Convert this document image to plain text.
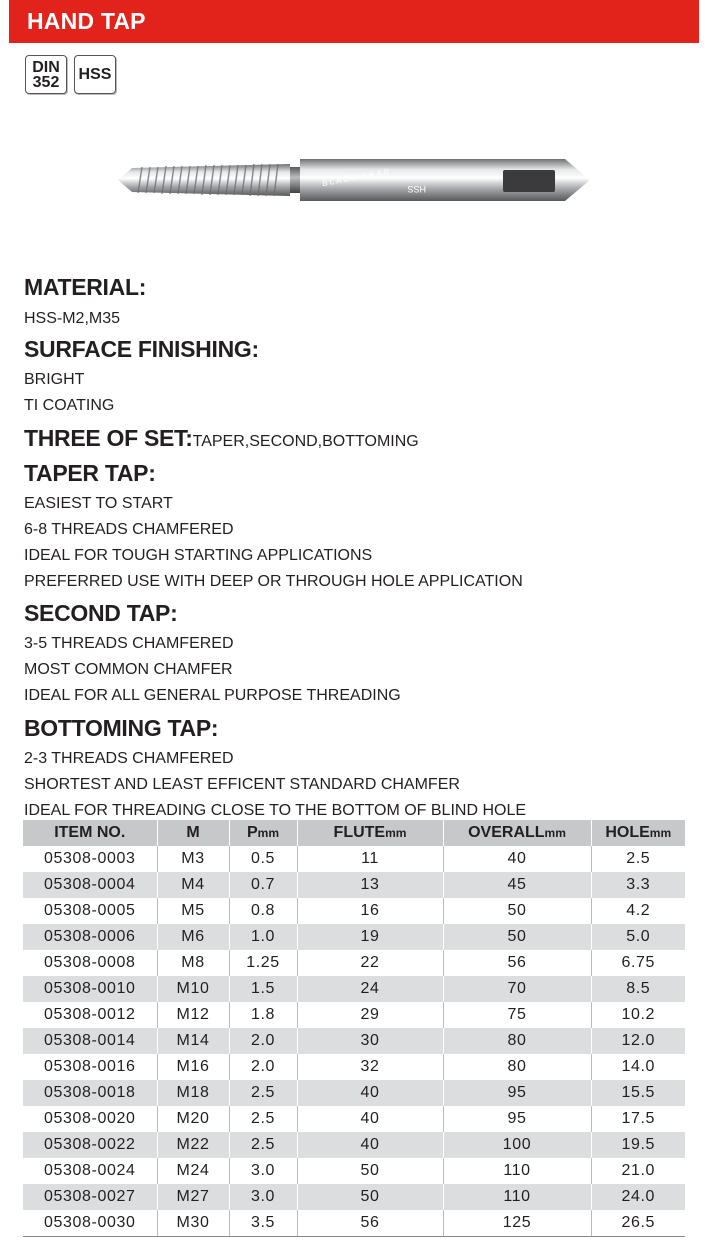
HAND TAP
DIN
352 HSS
BLACK BEAR
HSS

MATERIAL:

HSS-M2,M35

SURFACE FINISHING:

BRIGHT

TI COATING

THREE OF SET:TAPER,SECOND,BOTTOMING

TAPER TAP:

EASIEST TO START

6-8 THREADS CHAMFERED

IDEAL FOR TOUGH STARTING APPLICATIONS

PREFERRED USE WITH DEEP OR THROUGH HOLE APPLICATION

SECOND TAP:

3-5 THREADS CHAMFERED

MOST COMMON CHAMFER

IDEAL FOR ALL GENERAL PURPOSE THREADING

BOTTOMING TAP:

2-3 THREADS CHAMFERED

SHORTEST AND LEAST EFFICENT STANDARD CHAMFER

IDEAL FOR THREADING CLOSE TO THE BOTTOM OF BLIND HOLE

ITEM NO.	M	Pmm	FLUTEmm	OVERALLmm	HOLEmm
05308-0003	M3	0.5	11	40	2.5
05308-0004	M4	0.7	13	45	3.3
05308-0005	M5	0.8	16	50	4.2
05308-0006	M6	1.0	19	50	5.0
05308-0008	M8	1.25	22	56	6.75
05308-0010	M10	1.5	24	70	8.5
05308-0012	M12	1.8	29	75	10.2
05308-0014	M14	2.0	30	80	12.0
05308-0016	M16	2.0	32	80	14.0
05308-0018	M18	2.5	40	95	15.5
05308-0020	M20	2.5	40	95	17.5
05308-0022	M22	2.5	40	100	19.5
05308-0024	M24	3.0	50	110	21.0
05308-0027	M27	3.0	50	110	24.0
05308-0030	M30	3.5	56	125	26.5
